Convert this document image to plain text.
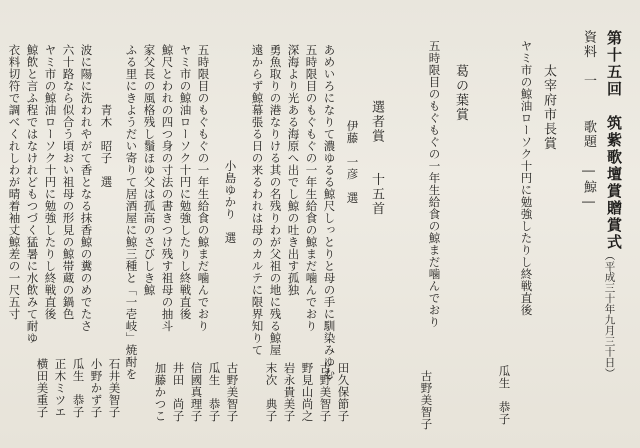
第十五回
筑紫歌壇賞贈賞式
（平成三十年九月三十日）
資料　一
歌題　―鯨―
太宰府市長賞
ヤミ市の鯨油ローソク十円に勉強したりし終戦直後
瓜生　恭子
葛の葉賞
五時限目のもぐもぐの一年生給食の鯨まだ噛んでおり
古野美智子
選者賞　　十五首
伊藤　一彦　選
あめいろになりて濃ゆるる鯨尺しっとりと母の手に馴染みゆむ
五時限目のもぐもぐの一年生給食の鯨まだ噛んでおり
深海より光ある海原へ出でし鯨の吐き出す孤独
勇魚取りの港なりける其の名残りわが父祖の地に残る鯨屋
遠からず鯨幕張る日の来るわれは母のカルテに限界知りて
田久保節子
古野美智子
野見山尚之
岩永貴美子
末次　典子
小島ゆかり　選
五時限目のもぐもぐの一年生給食の鯨まだ噛んでおり
ヤミ市の鯨油ローソク十円に勉強したりし終戦直後
鯨尺とわれの四つ身の寸法の書きつけ残す祖母の抽斗
家父長の風格残し鬚ほゆ父は孤高のさびしき鯨
ふる里にきようだい寄りて居酒屋に鯨三種と「一壱岐」焼酎を
古野美智子
瓜生　恭子
信國真理子
井田　尚子
加藤かつこ
青木　昭子　選
波に陽に洗われやがて香となる抹香鯨の糞のめでたさ
六十路なら似合う頃おい祖母の形見の鯨帯蔵の鍋色
ヤミ市の鯨油ローソク十円に勉強したりし終戦直後
鯨飲と言ふ程ではなけれどもつづく猛暑に水飲みて耐ゆ
衣料切符で調べくれしわが晴着袖丈鯨差の一尺五寸
石井美智子
小野かず子
瓜生　恭子
正木ミツエ
横田美重子
